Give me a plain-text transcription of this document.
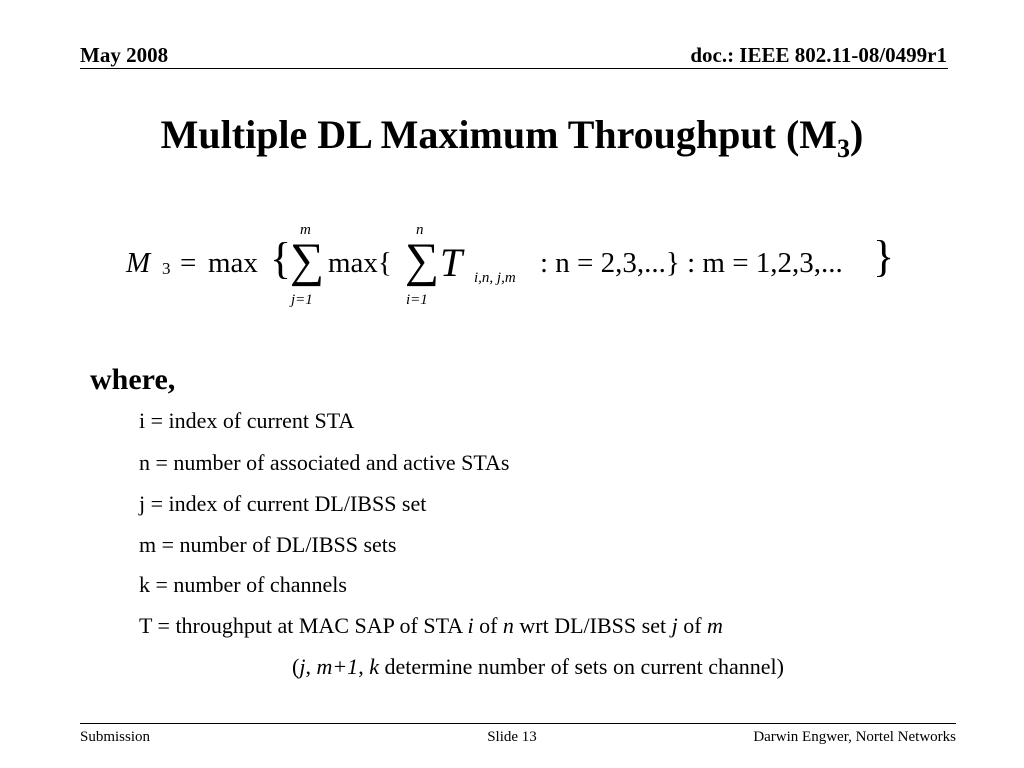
May 2008	doc.: IEEE 802.11-08/0499r1
Multiple DL Maximum Throughput $(M_3)$
M 3 = max {
m
∑
j=1
max{
n
∑
i=1
T i,n, j,m : n = 2,3,...} : m = 1,2,3,... }
where,
i = index of current STA
n = number of associated and active STAs
j = index of current DL/IBSS set
m = number of DL/IBSS sets
k = number of channels
T = throughput at MAC SAP of STA i of n wrt DL/IBSS set j of m
(j, m+1, k determine number of sets on current channel)
Submission	Slide 13	Darwin Engwer, Nortel Networks
